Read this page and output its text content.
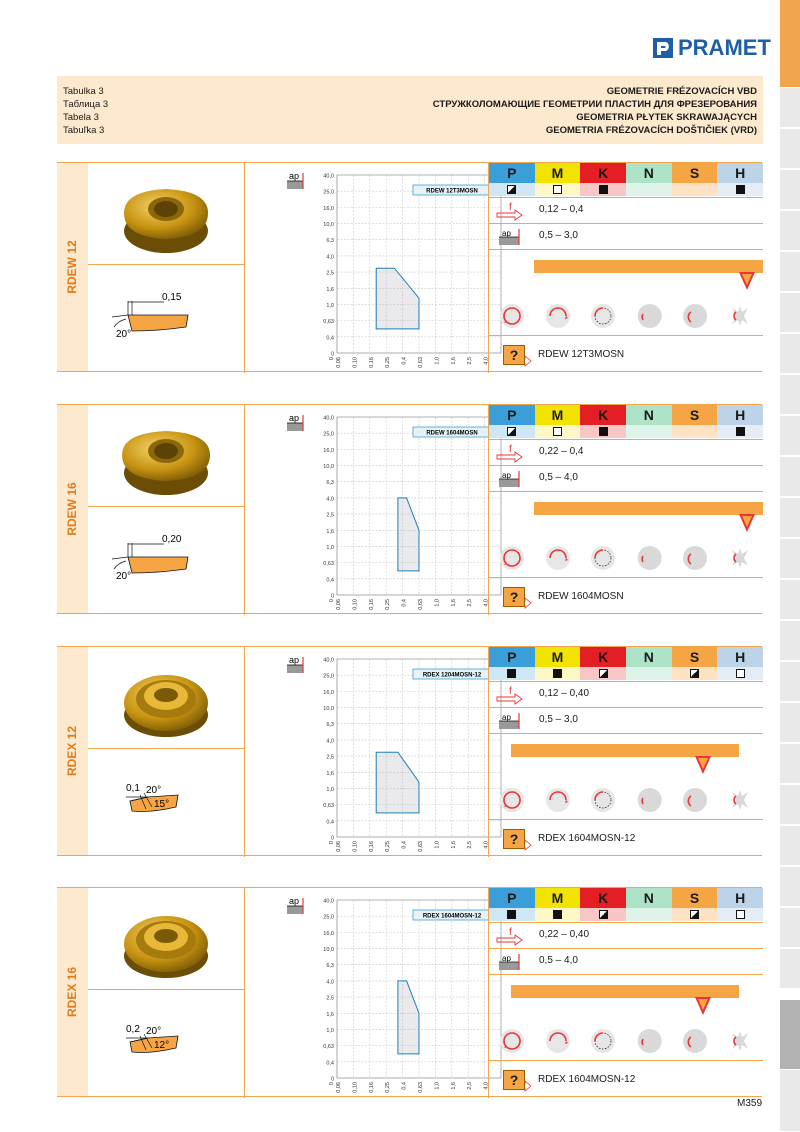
PRAMET
Tabulka 3
Таблица 3
Tabela 3
Tabuľka 3
GEOMETRIE FRÉZOVACÍCH VBD
СТРУЖКОЛОМАЮЩИЕ ГЕОМЕТРИИ ПЛАСТИН ДЛЯ ФРЕЗЕРОВАНИЯ
GEOMETRIA PŁYTEK SKRAWAJĄCYCH
GEOMETRIA FRÉZOVACÍCH DOŠTIČIEK (VRD)
RDEW 12
0,15
20°
ap	40,0
25,0
16,0
10,0
6,3
4,0
2,5
1,6
1,0
0,63
0,4
0
0 0,06 0,10 0,16 0,25 0,4 0,63 1,0 1,6 2,5 4,0
RDEW 12T3MOSN
P	M	K	N	S	H
f	0,12 – 0,4
ap	0,5 – 3,0
?	RDEW 12T3MOSN
RDEW 16
0,20
20°
ap	40,0
25,0
16,0
10,0
6,3
4,0
2,5
1,6
1,0
0,63
0,4
0
0 0,06 0,10 0,16 0,25 0,4 0,63 1,0 1,6 2,5 4,0
RDEW 1604MOSN
P	M	K	N	S	H
f	0,22 – 0,4
ap	0,5 – 4,0
?	RDEW 1604MOSN
RDEX 12
0,1 20°
15°
ap	40,0
25,0
16,0
10,0
6,3
4,0
2,5
1,6
1,0
0,63
0,4
0
0 0,06 0,10 0,16 0,25 0,4 0,63 1,0 1,6 2,5 4,0
RDEX 1204MOSN-12
P	M	K	N	S	H
f	0,12 – 0,40
ap	0,5 – 3,0
?	RDEX 1604MOSN-12
RDEX 16
0,2 20°
12°
ap	40,0
25,0
16,0
10,0
6,3
4,0
2,5
1,6
1,0
0,63
0,4
0
0 0,06 0,10 0,16 0,25 0,4 0,63 1,0 1,6 2,5 4,0
RDEX 1604MOSN-12
P	M	K	N	S	H
f	0,22 – 0,40
ap	0,5 – 4,0
?	RDEX 1604MOSN-12
M359
